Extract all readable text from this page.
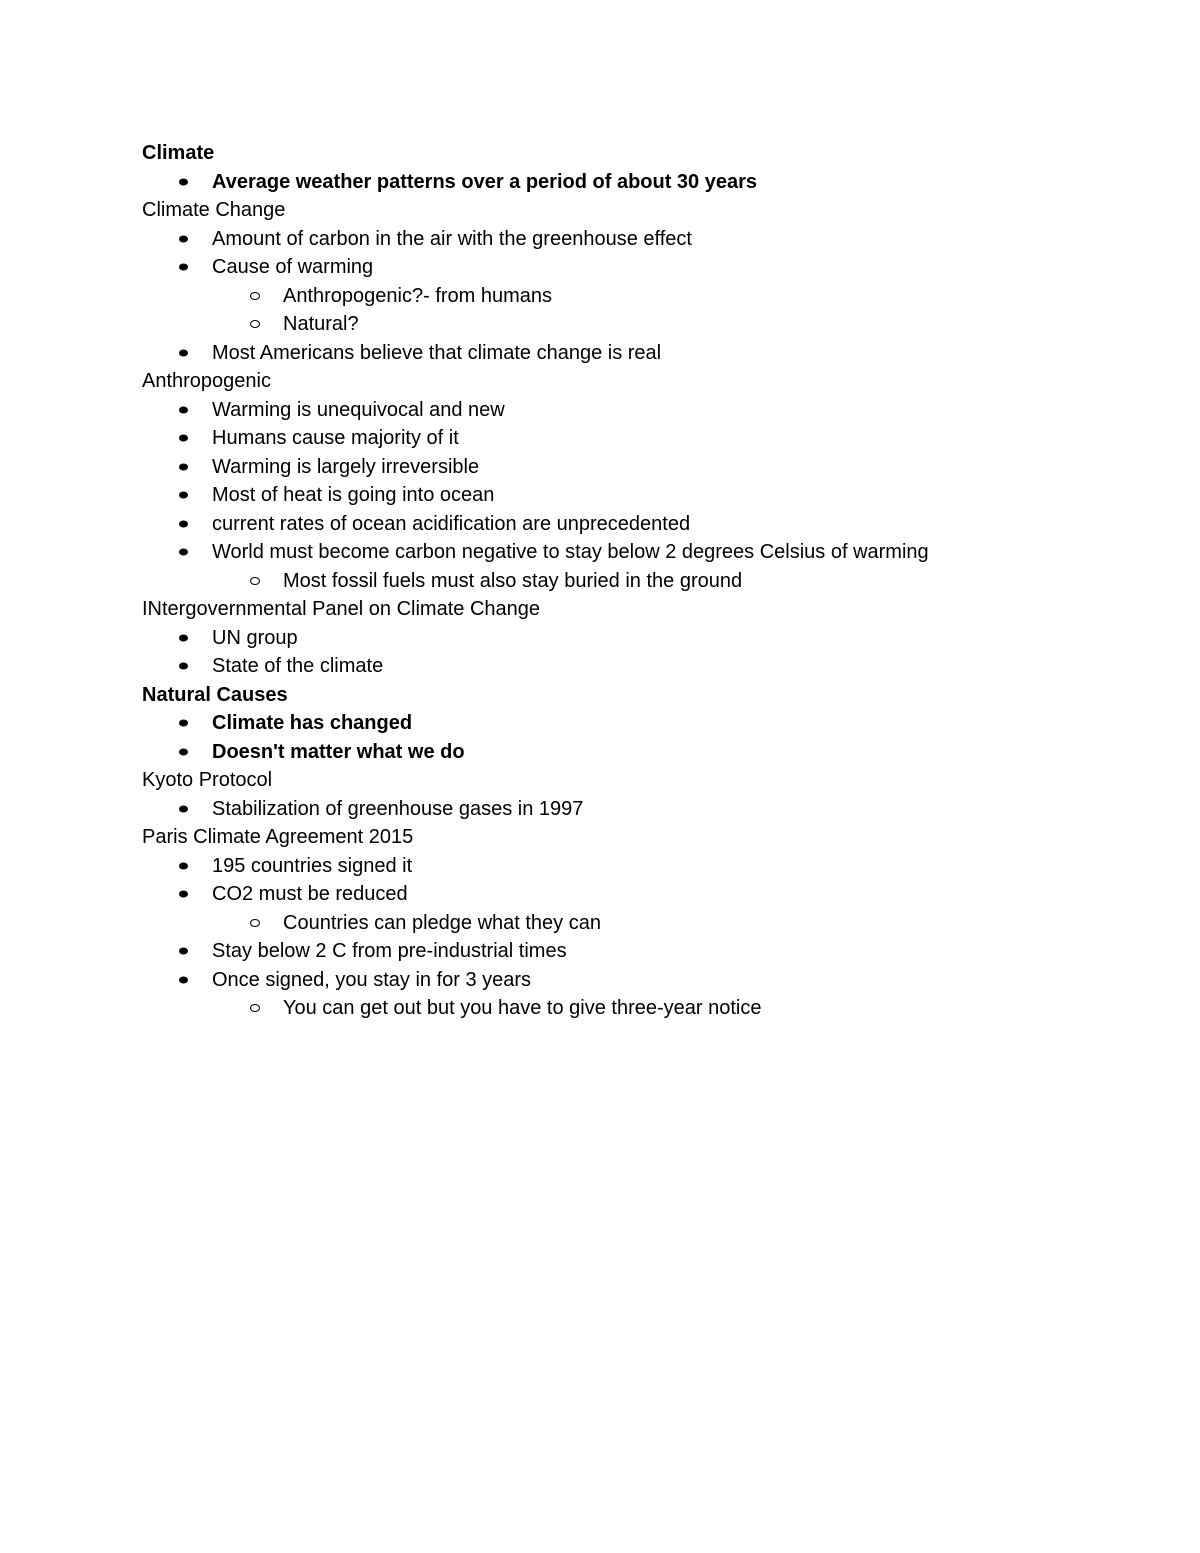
Climate
Average weather patterns over a period of about 30 years
Climate Change
Amount of carbon in the air with the greenhouse effect
Cause of warming
Anthropogenic?- from humans
Natural?
Most Americans believe that climate change is real
Anthropogenic
Warming is unequivocal and new
Humans cause majority of it
Warming is largely irreversible
Most of heat is going into ocean
current rates of ocean acidification are unprecedented
World must become carbon negative to stay below 2 degrees Celsius of warming
Most fossil fuels must also stay buried in the ground
INtergovernmental Panel on Climate Change
UN group
State of the climate
Natural Causes
Climate has changed
Doesn't matter what we do
Kyoto Protocol
Stabilization of greenhouse gases in 1997
Paris Climate Agreement 2015
195 countries signed it
CO2 must be reduced
Countries can pledge what they can
Stay below 2 C from pre-industrial times
Once signed, you stay in for 3 years
You can get out but you have to give three-year notice
